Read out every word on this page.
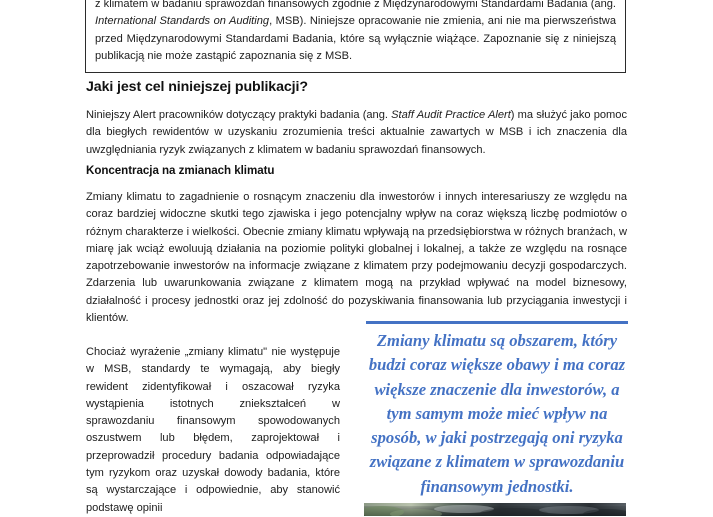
z klimatem w badaniu sprawozdań finansowych zgodnie z Międzynarodowymi Standardami Badania (ang. International Standards on Auditing, MSB). Niniejsze opracowanie nie zmienia, ani nie ma pierwszeństwa przed Międzynarodowymi Standardami Badania, które są wyłącznie wiążące. Zapoznanie się z niniejszą publikacją nie może zastąpić zapoznania się z MSB.

Jaki jest cel niniejszej publikacji?
Niniejszy Alert pracowników dotyczący praktyki badania (ang. Staff Audit Practice Alert) ma służyć jako pomoc dla biegłych rewidentów w uzyskaniu zrozumienia treści aktualnie zawartych w MSB i ich znaczenia dla uwzględniania ryzyk związanych z klimatem w badaniu sprawozdań finansowych.
Koncentracja na zmianach klimatu
Zmiany klimatu to zagadnienie o rosnącym znaczeniu dla inwestorów i innych interesariuszy ze względu na coraz bardziej widoczne skutki tego zjawiska i jego potencjalny wpływ na coraz większą liczbę podmiotów o różnym charakterze i wielkości. Obecnie zmiany klimatu wpływają na przedsiębiorstwa w różnych branżach, w miarę jak wciąż ewoluują działania na poziomie polityki globalnej i lokalnej, a także ze względu na rosnące zapotrzebowanie inwestorów na informacje związane z klimatem przy podejmowaniu decyzji gospodarczych. Zdarzenia lub uwarunkowania związane z klimatem mogą na przykład wpływać na model biznesowy, działalność i procesy jednostki oraz jej zdolność do pozyskiwania finansowania lub przyciągania inwestycji i klientów.
Chociaż wyrażenie „zmiany klimatu" nie występuje w MSB, standardy te wymagają, aby biegły rewident zidentyfikował i oszacował ryzyka wystąpienia istotnych zniekształceń w sprawozdaniu finansowym spowodowanych oszustwem lub błędem, zaprojektował i przeprowadził procedury badania odpowiadające tym ryzykom oraz uzyskał dowody badania, które są wystarczające i odpowiednie, aby stanowić podstawę opinii
Zmiany klimatu są obszarem, który budzi coraz większe obawy i ma coraz większe znaczenie dla inwestorów, a tym samym może mieć wpływ na sposób, w jaki postrzegają oni ryzyka związane z klimatem w sprawozdaniu finansowym jednostki.
